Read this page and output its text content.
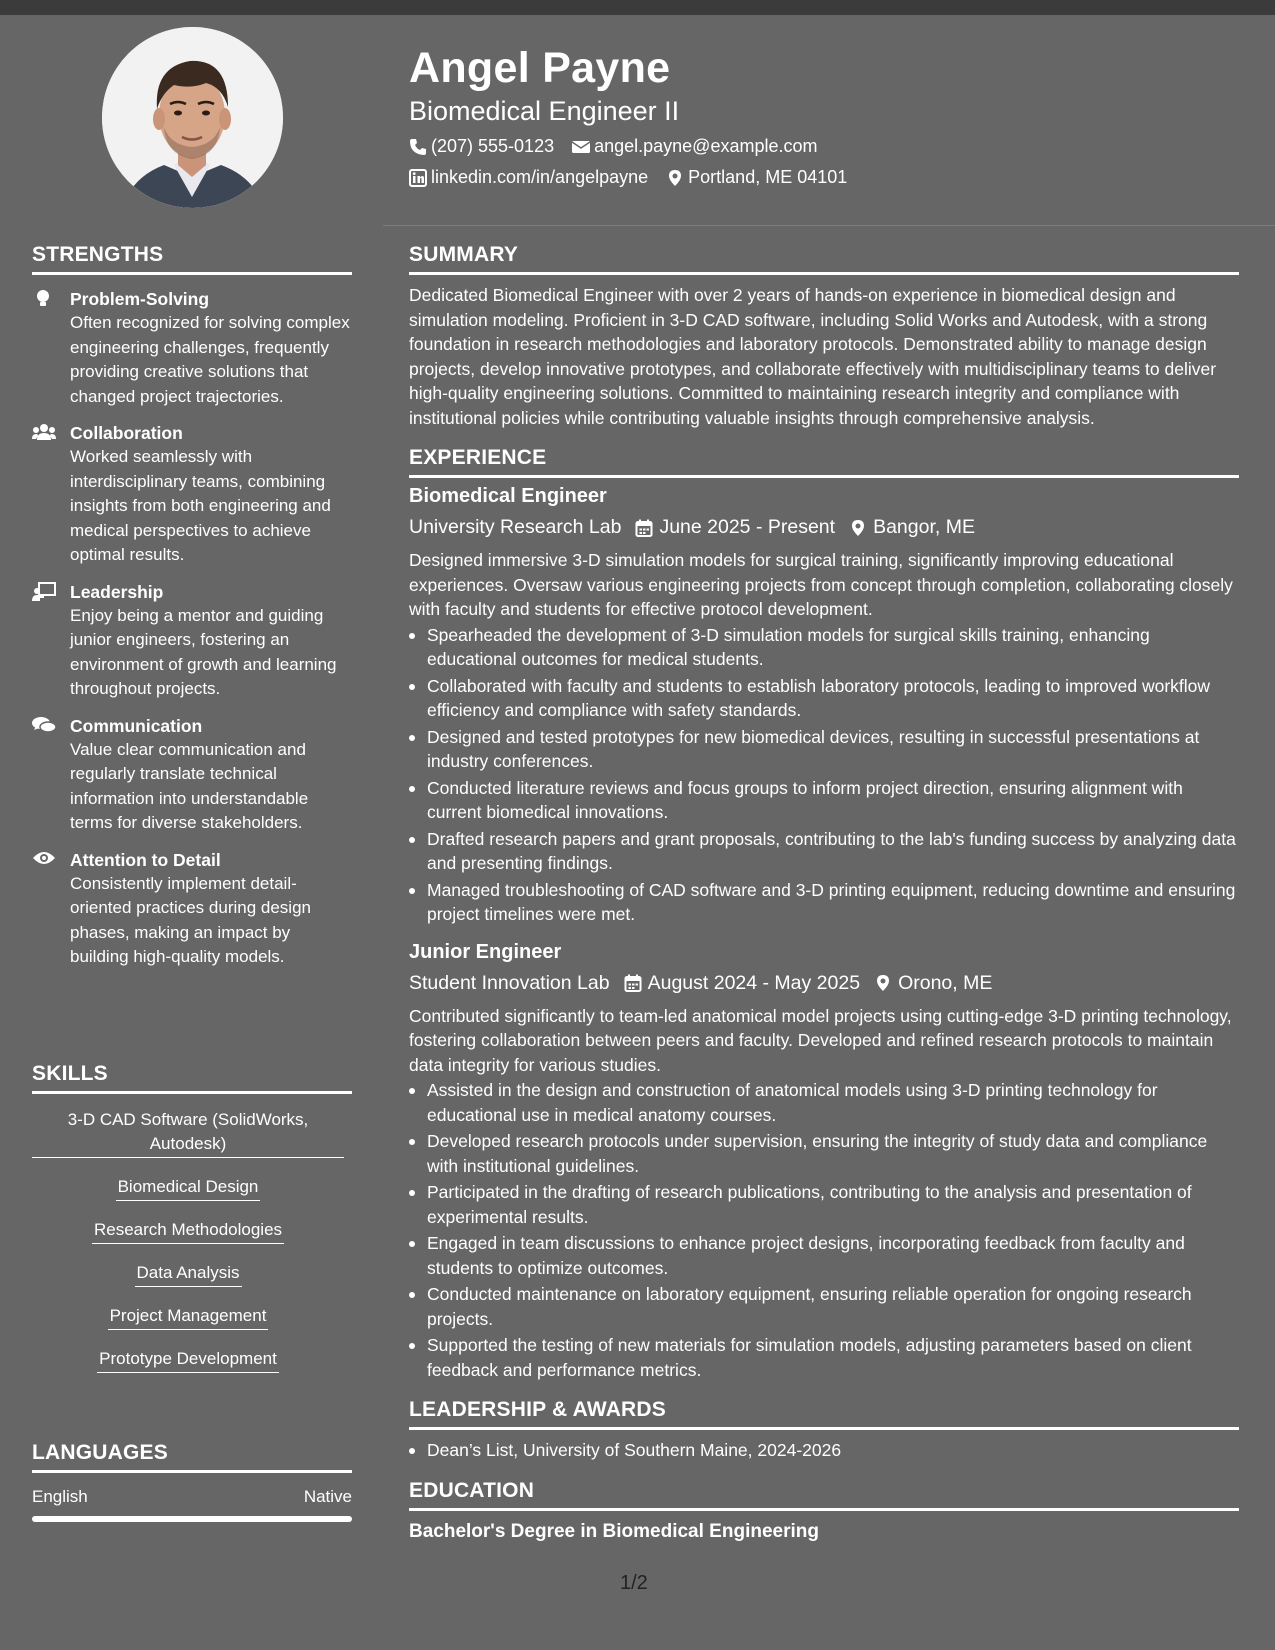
STRENGTHS
Problem-Solving
Often recognized for solving complex engineering challenges, frequently providing creative solutions that changed project trajectories.
Collaboration
Worked seamlessly with interdisciplinary teams, combining insights from both engineering and medical perspectives to achieve optimal results.
Leadership
Enjoy being a mentor and guiding junior engineers, fostering an environment of growth and learning throughout projects.
Communication
Value clear communication and regularly translate technical information into understandable terms for diverse stakeholders.
Attention to Detail
Consistently implement detail-oriented practices during design phases, making an impact by building high-quality models.
SKILLS
3-D CAD Software (SolidWorks, Autodesk)
Biomedical Design
Research Methodologies
Data Analysis
Project Management
Prototype Development
LANGUAGES
English	Native
Angel Payne
Biomedical Engineer II
(207) 555-0123 angel.payne@example.com
linkedin.com/in/angelpayne Portland, ME 04101
SUMMARY
Dedicated Biomedical Engineer with over 2 years of hands-on experience in biomedical design and simulation modeling. Proficient in 3-D CAD software, including Solid Works and Autodesk, with a strong foundation in research methodologies and laboratory protocols. Demonstrated ability to manage design projects, develop innovative prototypes, and collaborate effectively with multidisciplinary teams to deliver high-quality engineering solutions. Committed to maintaining research integrity and compliance with institutional policies while contributing valuable insights through comprehensive analysis.
EXPERIENCE
Biomedical Engineer
University Research Lab June 2025 - Present Bangor, ME
Designed immersive 3-D simulation models for surgical training, significantly improving educational experiences. Oversaw various engineering projects from concept through completion, collaborating closely with faculty and students for effective protocol development.
Spearheaded the development of 3-D simulation models for surgical skills training, enhancing educational outcomes for medical students.
Collaborated with faculty and students to establish laboratory protocols, leading to improved workflow efficiency and compliance with safety standards.
Designed and tested prototypes for new biomedical devices, resulting in successful presentations at industry conferences.
Conducted literature reviews and focus groups to inform project direction, ensuring alignment with current biomedical innovations.
Drafted research papers and grant proposals, contributing to the lab's funding success by analyzing data and presenting findings.
Managed troubleshooting of CAD software and 3-D printing equipment, reducing downtime and ensuring project timelines were met.
Junior Engineer
Student Innovation Lab August 2024 - May 2025 Orono, ME
Contributed significantly to team-led anatomical model projects using cutting-edge 3-D printing technology, fostering collaboration between peers and faculty. Developed and refined research protocols to maintain data integrity for various studies.
Assisted in the design and construction of anatomical models using 3-D printing technology for educational use in medical anatomy courses.
Developed research protocols under supervision, ensuring the integrity of study data and compliance with institutional guidelines.
Participated in the drafting of research publications, contributing to the analysis and presentation of experimental results.
Engaged in team discussions to enhance project designs, incorporating feedback from faculty and students to optimize outcomes.
Conducted maintenance on laboratory equipment, ensuring reliable operation for ongoing research projects.
Supported the testing of new materials for simulation models, adjusting parameters based on client feedback and performance metrics.
LEADERSHIP & AWARDS
Dean’s List, University of Southern Maine, 2024-2026
EDUCATION
Bachelor's Degree in Biomedical Engineering
1/2
